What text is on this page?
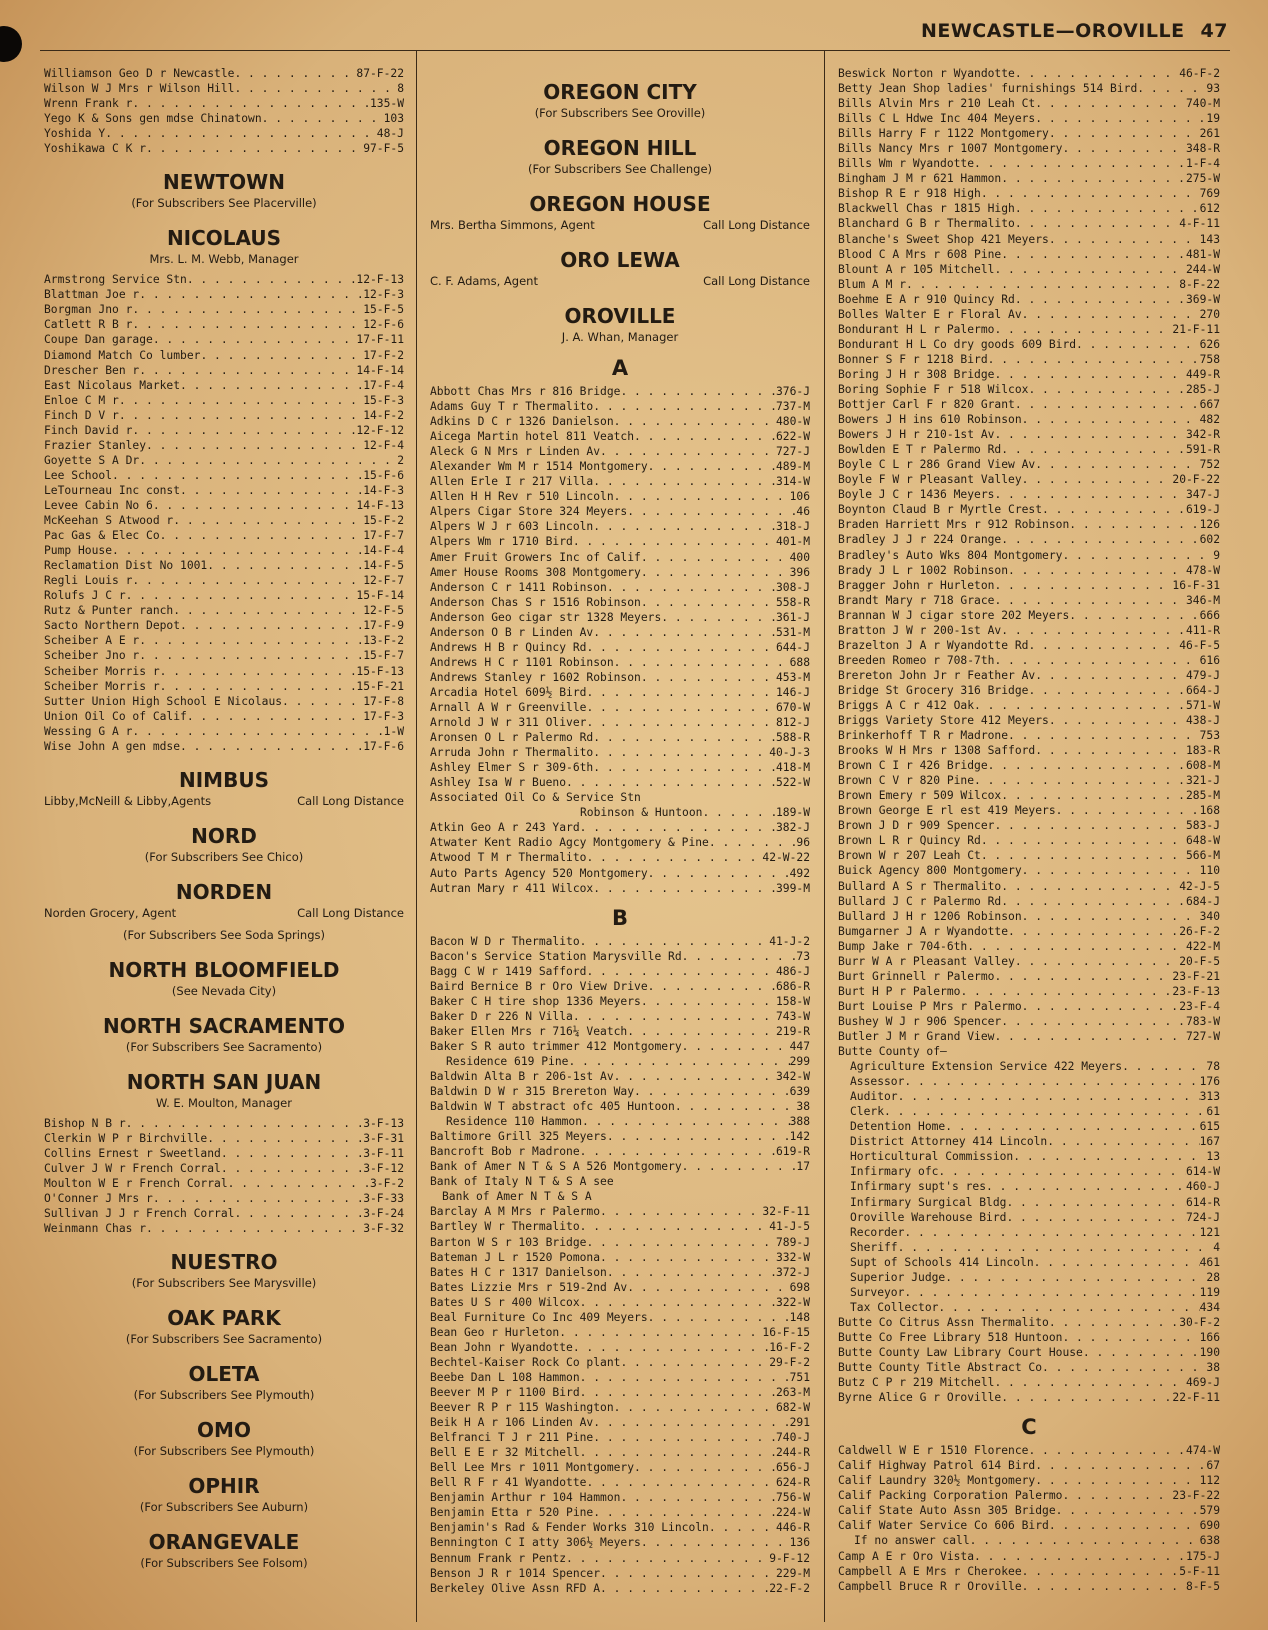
NEWCASTLE—OROVILLE 47
Williamson Geo D r Newcastle . . .	87-F-22
Wilson W J Mrs r Wilson Hill . . .	8
Wrenn Frank r . . .	135-W
Yego K & Sons gen mdse Chinatown . . .	103
Yoshida Y . . .	48-J
Yoshikawa C K r . . .	97-F-5
NEWTOWN
(For Subscribers See Placerville)
NICOLAUS
Mrs. L. M. Webb, Manager
Armstrong Service Stn . . .	12-F-13
Blattman Joe r . . .	12-F-3
Borgman Jno r . . .	15-F-5
Catlett R B r . . .	12-F-6
Coupe Dan garage . . .	17-F-11
Diamond Match Co lumber . . .	17-F-2
Drescher Ben r . . .	14-F-14
East Nicolaus Market . . .	17-F-4
Enloe C M r . . .	15-F-3
Finch D V r . . .	14-F-2
Finch David r . . .	12-F-12
Frazier Stanley . . .	12-F-4
Goyette S A Dr . . .	2
Lee School . . .	15-F-6
LeTourneau Inc const . . .	14-F-3
Levee Cabin No 6 . . .	14-F-13
McKeehan S Atwood r . . .	15-F-2
Pac Gas & Elec Co . . .	17-F-7
Pump House . . .	14-F-4
Reclamation Dist No 1001 . . .	14-F-5
Regli Louis r . . .	12-F-7
Rolufs J C r . . .	15-F-14
Rutz & Punter ranch . . .	12-F-5
Sacto Northern Depot . . .	17-F-9
Scheiber A E r . . .	13-F-2
Scheiber Jno r . . .	15-F-7
Scheiber Morris r . . .	15-F-13
Scheiber Morris r . . .	15-F-21
Sutter Union High School E Nicolaus . . .	17-F-8
Union Oil Co of Calif . . .	17-F-3
Wessing G A r . . .	1-W
Wise John A gen mdse . . .	17-F-6
NIMBUS
Libby,McNeill & Libby,Agents	Call Long Distance
NORD
(For Subscribers See Chico)
NORDEN
Norden Grocery, Agent	Call Long Distance
(For Subscribers See Soda Springs)
NORTH BLOOMFIELD
(See Nevada City)
NORTH SACRAMENTO
(For Subscribers See Sacramento)
NORTH SAN JUAN
W. E. Moulton, Manager
Bishop N B r . . .	3-F-13
Clerkin W P r Birchville . . .	3-F-31
Collins Ernest r Sweetland . . .	3-F-11
Culver J W r French Corral . . .	3-F-12
Moulton W E r French Corral . . .	3-F-2
O'Conner J Mrs r . . .	3-F-33
Sullivan J J r French Corral . . .	3-F-24
Weinmann Chas r . . .	3-F-32
NUESTRO
(For Subscribers See Marysville)
OAK PARK
(For Subscribers See Sacramento)
OLETA
(For Subscribers See Plymouth)
OMO
(For Subscribers See Plymouth)
OPHIR
(For Subscribers See Auburn)
ORANGEVALE
(For Subscribers See Folsom)
OREGON CITY
(For Subscribers See Oroville)
OREGON HILL
(For Subscribers See Challenge)
OREGON HOUSE
Mrs. Bertha Simmons, Agent	Call Long Distance
ORO LEWA
C. F. Adams, Agent	Call Long Distance
OROVILLE
J. A. Whan, Manager
A
Abbott Chas Mrs r 816 Bridge . . .	376-J
Adams Guy T r Thermalito . . .	737-M
Adkins D C r 1326 Danielson . . .	480-W
Aicega Martin hotel 811 Veatch . . .	622-W
Aleck G N Mrs r Linden Av . . .	727-J
Alexander Wm M r 1514 Montgomery . . .	489-M
Allen Erle I r 217 Villa . . .	314-W
Allen H H Rev r 510 Lincoln . . .	106
Alpers Cigar Store 324 Meyers . . .	46
Alpers W J r 603 Lincoln . . .	318-J
Alpers Wm r 1710 Bird . . .	401-M
Amer Fruit Growers Inc of Calif . . .	400
Amer House Rooms 308 Montgomery . . .	396
Anderson C r 1411 Robinson . . .	308-J
Anderson Chas S r 1516 Robinson . . .	558-R
Anderson Geo cigar str 1328 Meyers . . .	361-J
Anderson O B r Linden Av . . .	531-M
Andrews H B r Quincy Rd . . .	644-J
Andrews H C r 1101 Robinson . . .	688
Andrews Stanley r 1602 Robinson . . .	453-M
Arcadia Hotel 609½ Bird . . .	146-J
Arnall A W r Greenville . . .	670-W
Arnold J W r 311 Oliver . . .	812-J
Aronsen O L r Palermo Rd . . .	588-R
Arruda John r Thermalito . . .	40-J-3
Ashley Elmer S r 309-6th . . .	418-M
Ashley Isa W r Bueno . . .	522-W
Associated Oil Co & Service Stn
Robinson & Huntoon . . .	189-W
Atkin Geo A r 243 Yard . . .	382-J
Atwater Kent Radio Agcy Montgomery & Pine . . .	96
Atwood T M r Thermalito . . .	42-W-22
Auto Parts Agency 520 Montgomery . . .	492
Autran Mary r 411 Wilcox . . .	399-M
B
Bacon W D r Thermalito . . .	41-J-2
Bacon's Service Station Marysville Rd . . .	73
Bagg C W r 1419 Safford . . .	486-J
Baird Bernice B r Oro View Drive . . .	686-R
Baker C H tire shop 1336 Meyers . . .	158-W
Baker D r 226 N Villa . . .	743-W
Baker Ellen Mrs r 716¼ Veatch . . .	219-R
Baker S R auto trimmer 412 Montgomery . . .	447
Residence 619 Pine . . .	299
Baldwin Alta B r 206-1st Av . . .	342-W
Baldwin D W r 315 Brereton Way . . .	639
Baldwin W T abstract ofc 405 Huntoon . . .	38
Residence 110 Hammon . . .	388
Baltimore Grill 325 Meyers . . .	142
Bancroft Bob r Madrone . . .	619-R
Bank of Amer N T & S A 526 Montgomery . . .	17
Bank of Italy N T & S A see
Bank of Amer N T & S A
Barclay A M Mrs r Palermo . . .	32-F-11
Bartley W r Thermalito . . .	41-J-5
Barton W S r 103 Bridge . . .	789-J
Bateman J L r 1520 Pomona . . .	332-W
Bates H C r 1317 Danielson . . .	372-J
Bates Lizzie Mrs r 519-2nd Av . . .	698
Bates U S r 400 Wilcox . . .	322-W
Beal Furniture Co Inc 409 Meyers . . .	148
Bean Geo r Hurleton . . .	16-F-15
Bean John r Wyandotte . . .	16-F-2
Bechtel-Kaiser Rock Co plant . . .	29-F-2
Beebe Dan L 108 Hammon . . .	751
Beever M P r 1100 Bird . . .	263-M
Beever R P r 115 Washington . . .	682-W
Beik H A r 106 Linden Av . . .	291
Belfranci T J r 211 Pine . . .	740-J
Bell E E r 32 Mitchell . . .	244-R
Bell Lee Mrs r 1011 Montgomery . . .	656-J
Bell R F r 41 Wyandotte . . .	624-R
Benjamin Arthur r 104 Hammon . . .	756-W
Benjamin Etta r 520 Pine . . .	224-W
Benjamin's Rad & Fender Works 310 Lincoln . . .	446-R
Bennington C I atty 306½ Meyers . . .	136
Bennum Frank r Pentz . . .	9-F-12
Benson J R r 1014 Spencer . . .	229-M
Berkeley Olive Assn RFD A . . .	22-F-2
Beswick Norton r Wyandotte . . .	46-F-2
Betty Jean Shop ladies' furnishings 514 Bird . . .	93
Bills Alvin Mrs r 210 Leah Ct . . .	740-M
Bills C L Hdwe Inc 404 Meyers . . .	19
Bills Harry F r 1122 Montgomery . . .	261
Bills Nancy Mrs r 1007 Montgomery . . .	348-R
Bills Wm r Wyandotte . . .	1-F-4
Bingham J M r 621 Hammon . . .	275-W
Bishop R E r 918 High . . .	769
Blackwell Chas r 1815 High . . .	612
Blanchard G B r Thermalito . . .	4-F-11
Blanche's Sweet Shop 421 Meyers . . .	143
Blood C A Mrs r 608 Pine . . .	481-W
Blount A r 105 Mitchell . . .	244-W
Blum A M r . . .	8-F-22
Boehme E A r 910 Quincy Rd . . .	369-W
Bolles Walter E r Floral Av . . .	270
Bondurant H L r Palermo . . .	21-F-11
Bondurant H L Co dry goods 609 Bird . . .	626
Bonner S F r 1218 Bird . . .	758
Boring J H r 308 Bridge . . .	449-R
Boring Sophie F r 518 Wilcox . . .	285-J
Bottjer Carl F r 820 Grant . . .	667
Bowers J H ins 610 Robinson . . .	482
Bowers J H r 210-1st Av . . .	342-R
Bowlden E T r Palermo Rd . . .	591-R
Boyle C L r 286 Grand View Av . . .	752
Boyle F W r Pleasant Valley . . .	20-F-22
Boyle J C r 1436 Meyers . . .	347-J
Boynton Claud B r Myrtle Crest . . .	619-J
Braden Harriett Mrs r 912 Robinson . . .	126
Bradley J J r 224 Orange . . .	602
Bradley's Auto Wks 804 Montgomery . . .	9
Brady J L r 1002 Robinson . . .	478-W
Bragger John r Hurleton . . .	16-F-31
Brandt Mary r 718 Grace . . .	346-M
Brannan W J cigar store 202 Meyers . . .	666
Bratton J W r 200-1st Av . . .	411-R
Brazelton J A r Wyandotte Rd . . .	46-F-5
Breeden Romeo r 708-7th . . .	616
Brereton John Jr r Feather Av . . .	479-J
Bridge St Grocery 316 Bridge . . .	664-J
Briggs A C r 412 Oak . . .	571-W
Briggs Variety Store 412 Meyers . . .	438-J
Brinkerhoff T R r Madrone . . .	753
Brooks W H Mrs r 1308 Safford . . .	183-R
Brown C I r 426 Bridge . . .	608-M
Brown C V r 820 Pine . . .	321-J
Brown Emery r 509 Wilcox . . .	285-M
Brown George E rl est 419 Meyers . . .	168
Brown J D r 909 Spencer . . .	583-J
Brown L R r Quincy Rd . . .	648-W
Brown W r 207 Leah Ct . . .	566-M
Buick Agency 800 Montgomery . . .	110
Bullard A S r Thermalito . . .	42-J-5
Bullard J C r Palermo Rd . . .	684-J
Bullard J H r 1206 Robinson . . .	340
Bumgarner J A r Wyandotte . . .	26-F-2
Bump Jake r 704-6th . . .	422-M
Burr W A r Pleasant Valley . . .	20-F-5
Burt Grinnell r Palermo . . .	23-F-21
Burt H P r Palermo . . .	23-F-13
Burt Louise P Mrs r Palermo . . .	23-F-4
Bushey W J r 906 Spencer . . .	783-W
Butler J M r Grand View . . .	727-W
Butte County of—
Agriculture Extension Service 422 Meyers . . .	78
Assessor . . .	176
Auditor . . .	313
Clerk . . .	61
Detention Home . . .	615
District Attorney 414 Lincoln . . .	167
Horticultural Commission . . .	13
Infirmary ofc . . .	614-W
Infirmary supt's res . . .	460-J
Infirmary Surgical Bldg . . .	614-R
Oroville Warehouse Bird . . .	724-J
Recorder . . .	121
Sheriff . . .	4
Supt of Schools 414 Lincoln . . .	461
Superior Judge . . .	28
Surveyor . . .	119
Tax Collector . . .	434
Butte Co Citrus Assn Thermalito . . .	30-F-2
Butte Co Free Library 518 Huntoon . . .	166
Butte County Law Library Court House . . .	190
Butte County Title Abstract Co . . .	38
Butz C P r 219 Mitchell . . .	469-J
Byrne Alice G r Oroville . . .	22-F-11
C
Caldwell W E r 1510 Florence . . .	474-W
Calif Highway Patrol 614 Bird . . .	67
Calif Laundry 320½ Montgomery . . .	112
Calif Packing Corporation Palermo . . .	23-F-22
Calif State Auto Assn 305 Bridge . . .	579
Calif Water Service Co 606 Bird . . .	690
If no answer call . . .	638
Camp A E r Oro Vista . . .	175-J
Campbell A E Mrs r Cherokee . . .	5-F-11
Campbell Bruce R r Oroville . . .	8-F-5
